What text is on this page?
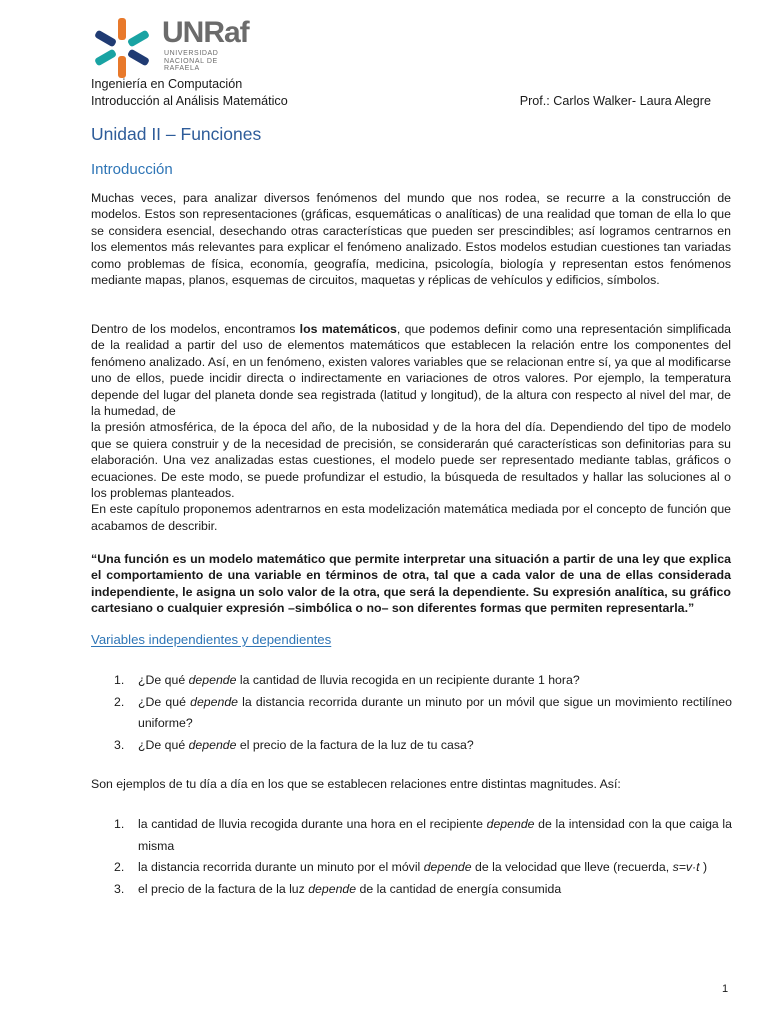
UNRaf
UNIVERSIDAD
NACIONAL DE
RAFAELA
Ingeniería en Computación
Introducción al Análisis Matemático	Prof.: Carlos Walker- Laura Alegre
Unidad II – Funciones
Introducción

Muchas veces, para analizar diversos fenómenos del mundo que nos rodea, se recurre a la construcción de modelos. Estos son representaciones (gráficas, esquemáticas o analíticas) de una realidad que toman de ella lo que se considera esencial, desechando otras características que pueden ser prescindibles; así logramos centrarnos en los elementos más relevantes para explicar el fenómeno analizado. Estos modelos estudian cuestiones tan variadas como problemas de física, economía, geografía, medicina, psicología, biología y representan estos fenómenos mediante mapas, planos, esquemas de circuitos, maquetas y réplicas de vehículos y edificios, símbolos.

Dentro de los modelos, encontramos los matemáticos, que podemos definir como una representación simplificada de la realidad a partir del uso de elementos matemáticos que establecen la relación entre los componentes del fenómeno analizado. Así, en un fenómeno, existen valores variables que se relacionan entre sí, ya que al modificarse uno de ellos, puede incidir directa o indirectamente en variaciones de otros valores. Por ejemplo, la temperatura depende del lugar del planeta donde sea registrada (latitud y longitud), de la altura con respecto al nivel del mar, de la humedad, de
la presión atmosférica, de la época del año, de la nubosidad y de la hora del día. Dependiendo del tipo de modelo que se quiera construir y de la necesidad de precisión, se considerarán qué características son definitorias para su elaboración. Una vez analizadas estas cuestiones, el modelo puede ser representado mediante tablas, gráficos o ecuaciones. De este modo, se puede profundizar el estudio, la búsqueda de resultados y hallar las soluciones al o los problemas planteados.
En este capítulo proponemos adentrarnos en esta modelización matemática mediada por el concepto de función que acabamos de describir.

“Una función es un modelo matemático que permite interpretar una situación a partir de una ley que explica el comportamiento de una variable en términos de otra, tal que a cada valor de una de ellas considerada independiente, le asigna un solo valor de la otra, que será la dependiente. Su expresión analítica, su gráfico cartesiano o cualquier expresión –simbólica o no– son diferentes formas que permiten representarla.”

Variables independientes y dependientes
1.	¿De qué depende la cantidad de lluvia recogida en un recipiente durante 1 hora?
2.	¿De qué depende la distancia recorrida durante un minuto por un móvil que sigue un movimiento rectilíneo uniforme?
3.	¿De qué depende el precio de la factura de la luz de tu casa?
Son ejemplos de tu día a día en los que se establecen relaciones entre distintas magnitudes. Así:
1.	la cantidad de lluvia recogida durante una hora en el recipiente depende de la intensidad con la que caiga la misma
2.	la distancia recorrida durante un minuto por el móvil depende de la velocidad que lleve (recuerda, s=v·t )
3.	el precio de la factura de la luz depende de la cantidad de energía consumida
1
